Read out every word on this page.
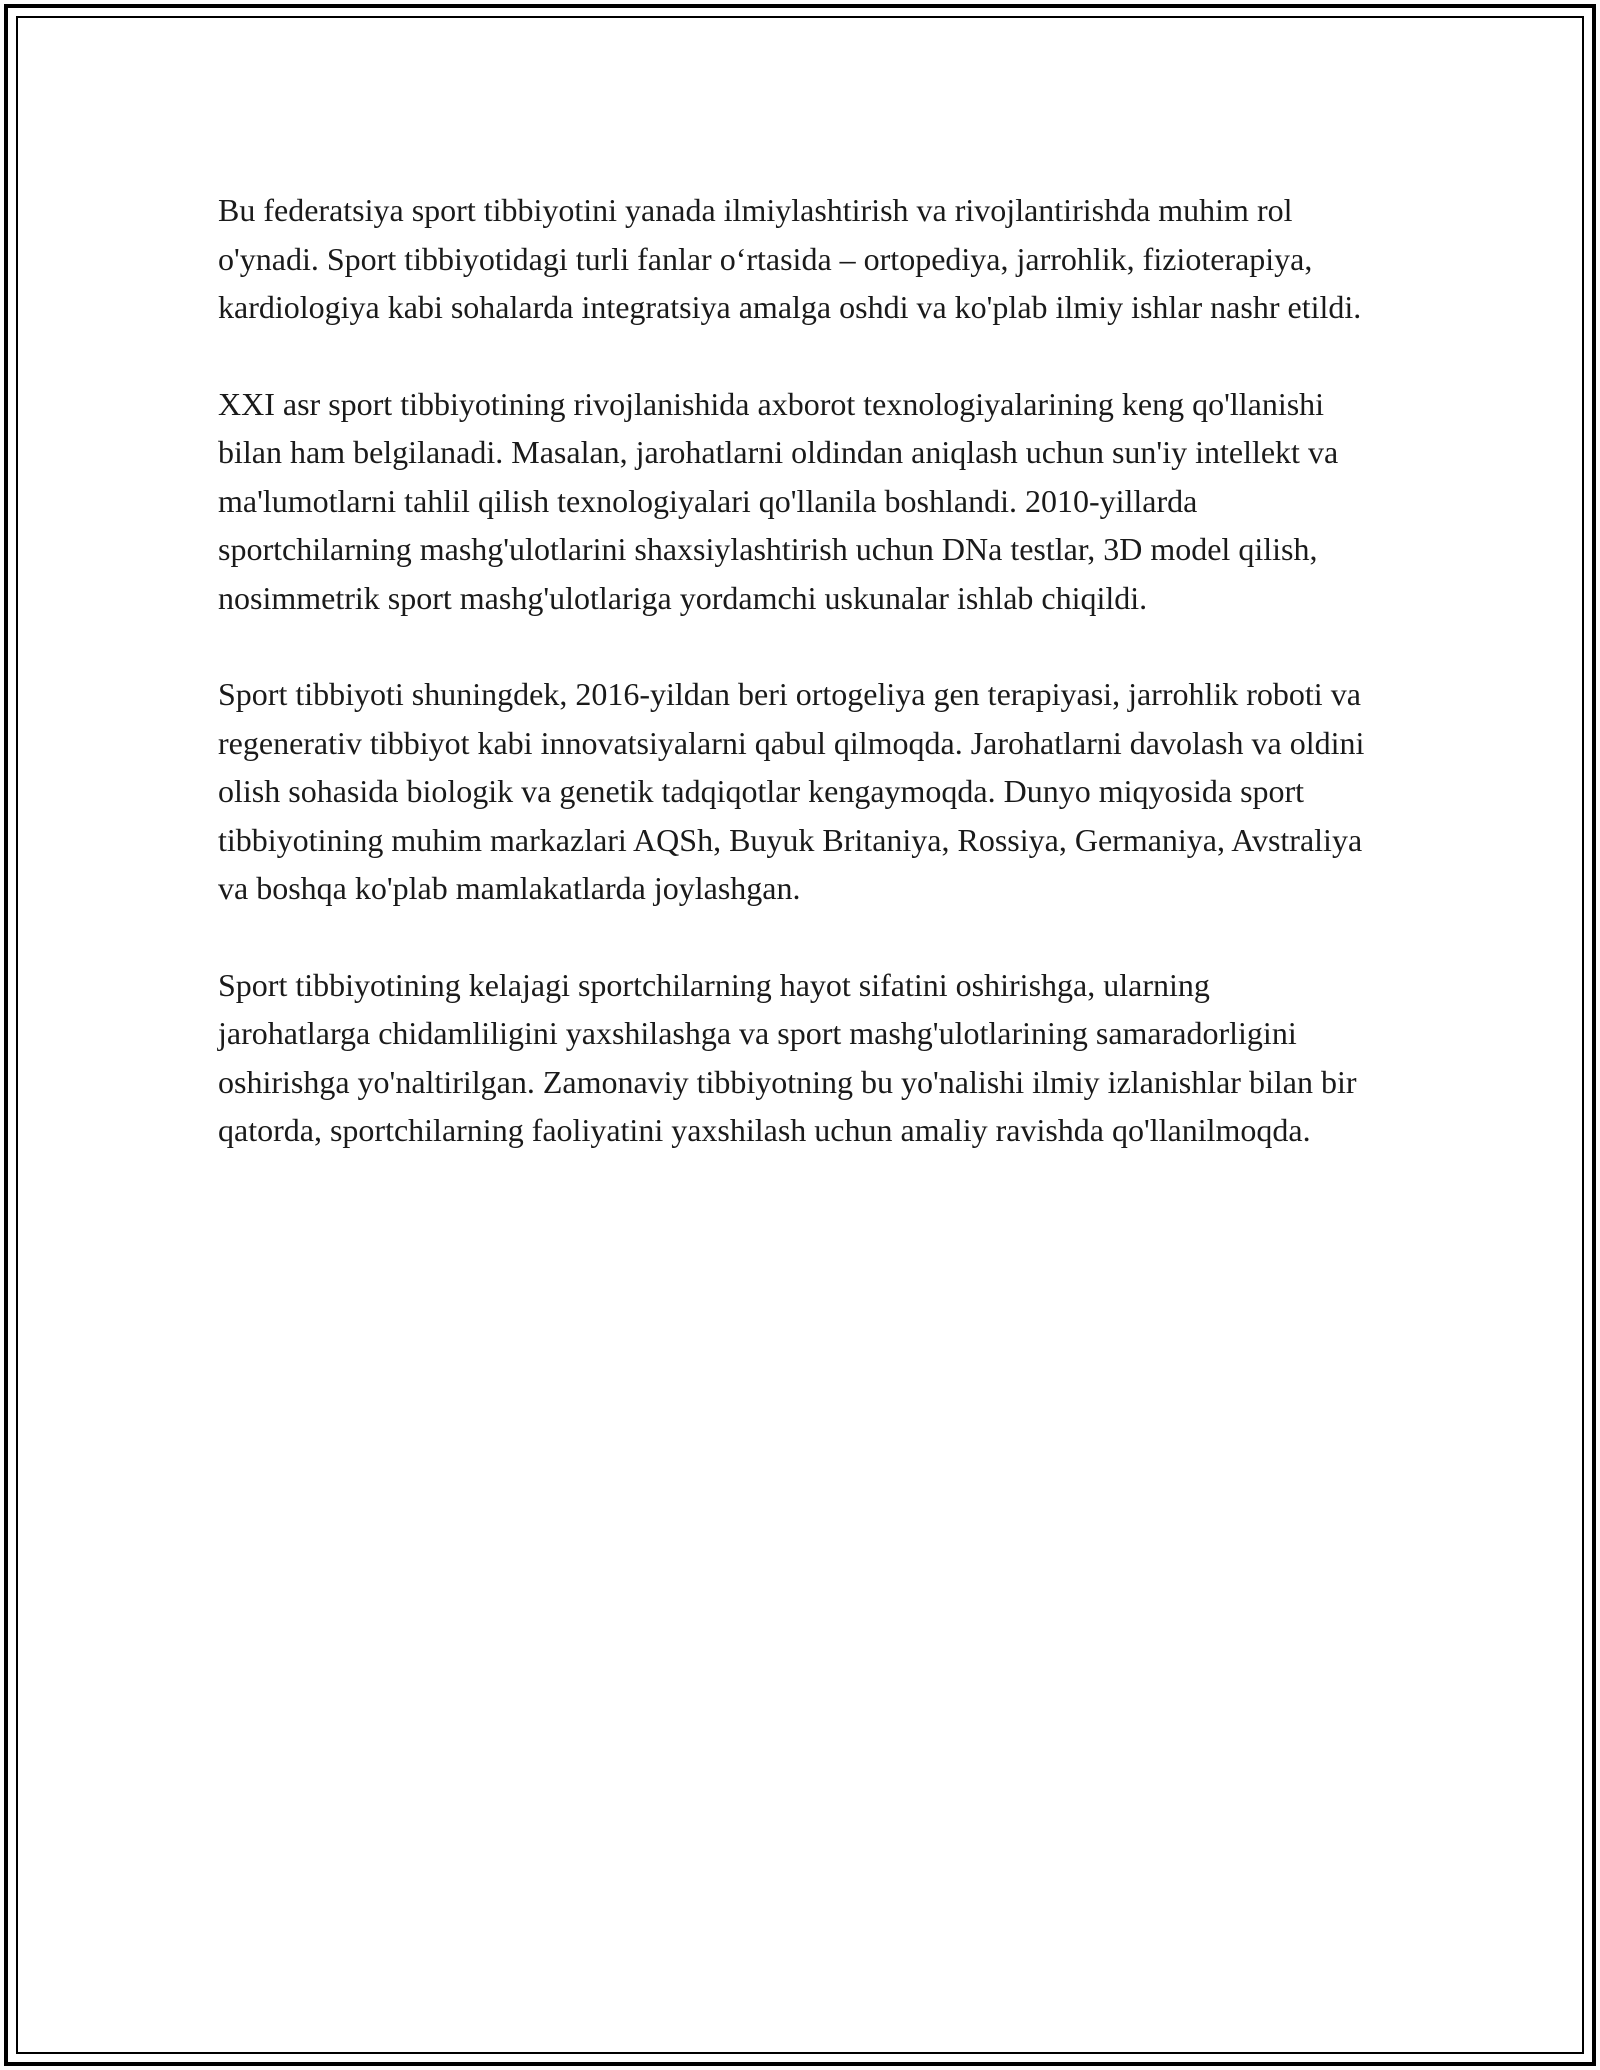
Bu federatsiya sport tibbiyotini yanada ilmiylashtirish va rivojlantirishda muhim rol o'ynadi. Sport tibbiyotidagi turli fanlar o‘rtasida – ortopediya, jarrohlik, fizioterapiya, kardiologiya kabi sohalarda integratsiya amalga oshdi va ko'plab ilmiy ishlar nashr etildi.

XXI asr sport tibbiyotining rivojlanishida axborot texnologiyalarining keng qo'llanishi bilan ham belgilanadi. Masalan, jarohatlarni oldindan aniqlash uchun sun'iy intellekt va ma'lumotlarni tahlil qilish texnologiyalari qo'llanila boshlandi. 2010-yillarda sportchilarning mashg'ulotlarini shaxsiylashtirish uchun DNa testlar, 3D model qilish, nosimmetrik sport mashg'ulotlariga yordamchi uskunalar ishlab chiqildi.

Sport tibbiyoti shuningdek, 2016-yildan beri ortogeliya gen terapiyasi, jarrohlik roboti va regenerativ tibbiyot kabi innovatsiyalarni qabul qilmoqda. Jarohatlarni davolash va oldini olish sohasida biologik va genetik tadqiqotlar kengaymoqda. Dunyo miqyosida sport tibbiyotining muhim markazlari AQSh, Buyuk Britaniya, Rossiya, Germaniya, Avstraliya va boshqa ko'plab mamlakatlarda joylashgan.

Sport tibbiyotining kelajagi sportchilarning hayot sifatini oshirishga, ularning jarohatlarga chidamliligini yaxshilashga va sport mashg'ulotlarining samaradorligini oshirishga yo'naltirilgan. Zamonaviy tibbiyotning bu yo'nalishi ilmiy izlanishlar bilan bir qatorda, sportchilarning faoliyatini yaxshilash uchun amaliy ravishda qo'llanilmoqda.
